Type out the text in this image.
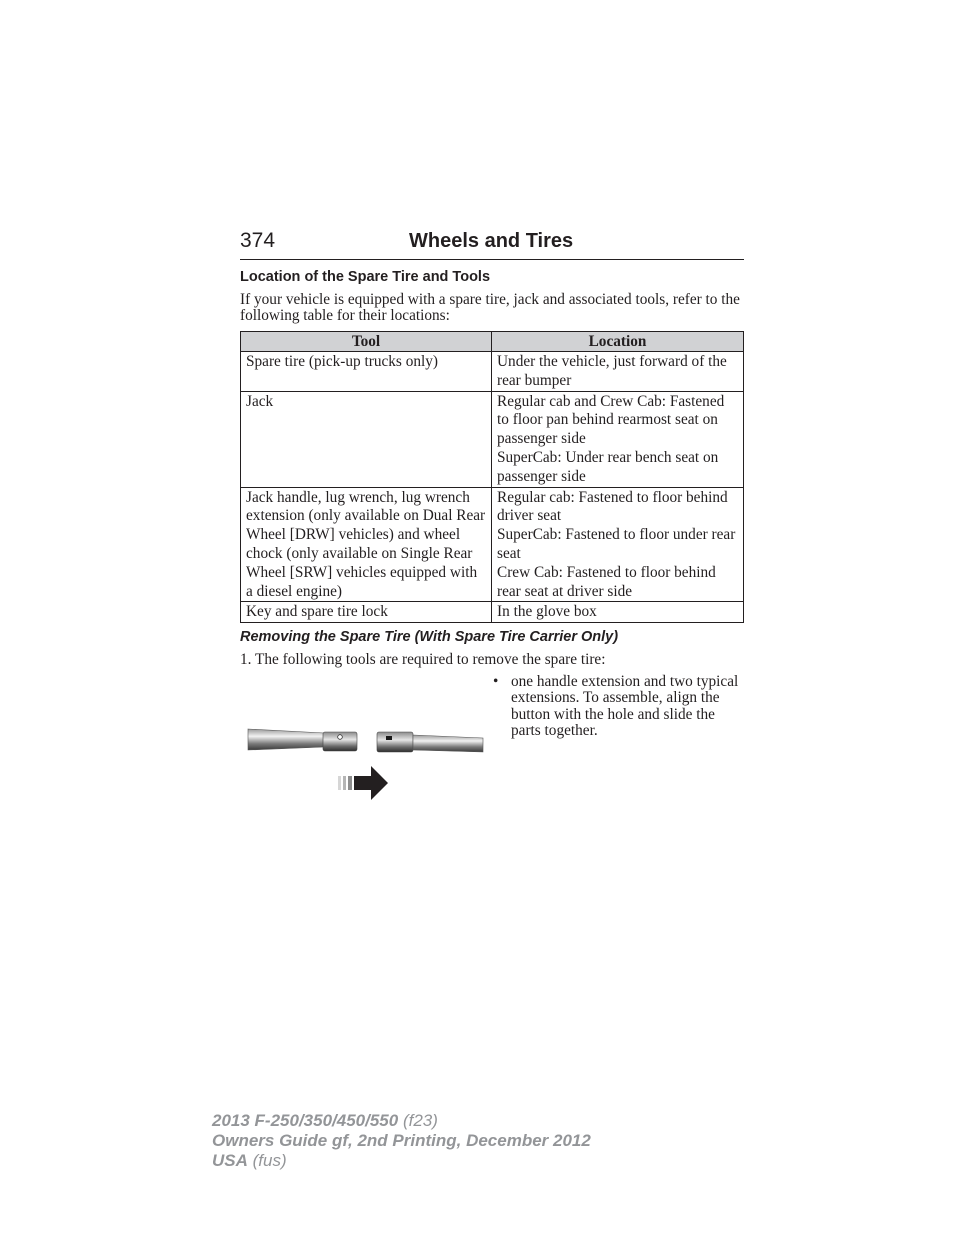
374	Wheels and Tires
Location of the Spare Tire and Tools
If your vehicle is equipped with a spare tire, jack and associated tools, refer to the following table for their locations:
Tool	Location

Spare tire (pick-up trucks only)	Under the vehicle, just forward of the rear bumper

Jack	Regular cab and Crew Cab: Fastened to floor pan behind rearmost seat on passenger side
SuperCab: Under rear bench seat on passenger side

Jack handle, lug wrench, lug wrench extension (only available on Dual Rear Wheel [DRW] vehicles) and wheel chock (only available on Single Rear Wheel [SRW] vehicles equipped with a diesel engine)	Regular cab: Fastened to floor behind driver seat
SuperCab: Fastened to floor under rear seat
Crew Cab: Fastened to floor behind rear seat at driver side

Key and spare tire lock	In the glove box
Removing the Spare Tire (With Spare Tire Carrier Only)
1. The following tools are required to remove the spare tire:
• one handle extension and two typical extensions. To assemble, align the button with the hole and slide the parts together.
2013 F-250/350/450/550 (f23)
Owners Guide gf, 2nd Printing, December 2012
USA (fus)
